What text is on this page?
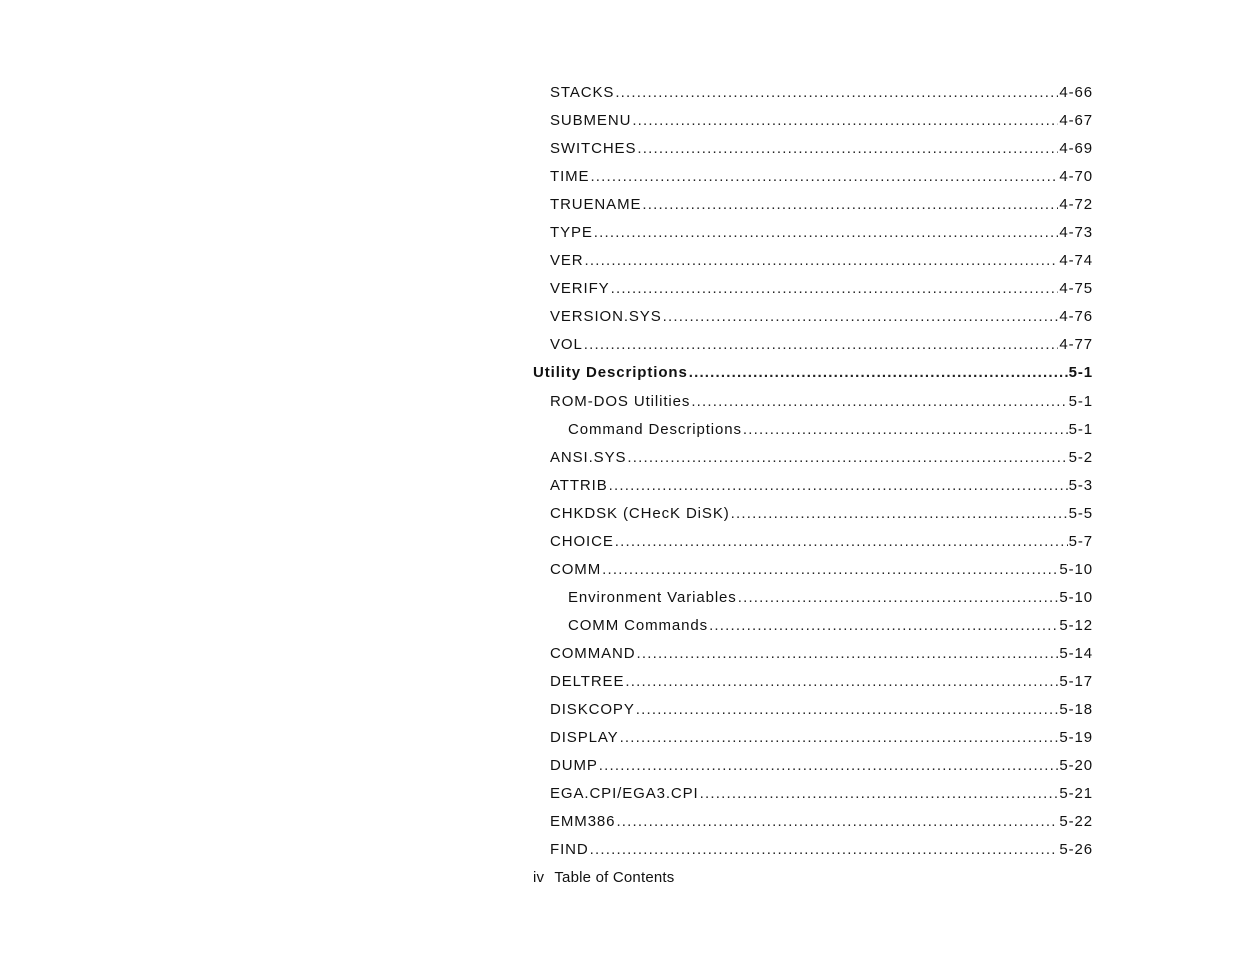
STACKS .....	4-66
SUBMENU .....	4-67
SWITCHES .....	4-69
TIME .....	4-70
TRUENAME .....	4-72
TYPE .....	4-73
VER .....	4-74
VERIFY .....	4-75
VERSION.SYS .....	4-76
VOL .....	4-77
Utility Descriptions .....	5-1
ROM-DOS Utilities .....	5-1
Command Descriptions .....	5-1
ANSI.SYS .....	5-2
ATTRIB .....	5-3
CHKDSK (CHecK DiSK) .....	5-5
CHOICE .....	5-7
COMM .....	5-10
Environment Variables .....	5-10
COMM Commands .....	5-12
COMMAND .....	5-14
DELTREE .....	5-17
DISKCOPY .....	5-18
DISPLAY .....	5-19
DUMP .....	5-20
EGA.CPI/EGA3.CPI .....	5-21
EMM386 .....	5-22
FIND .....	5-26
iv Table of Contents
